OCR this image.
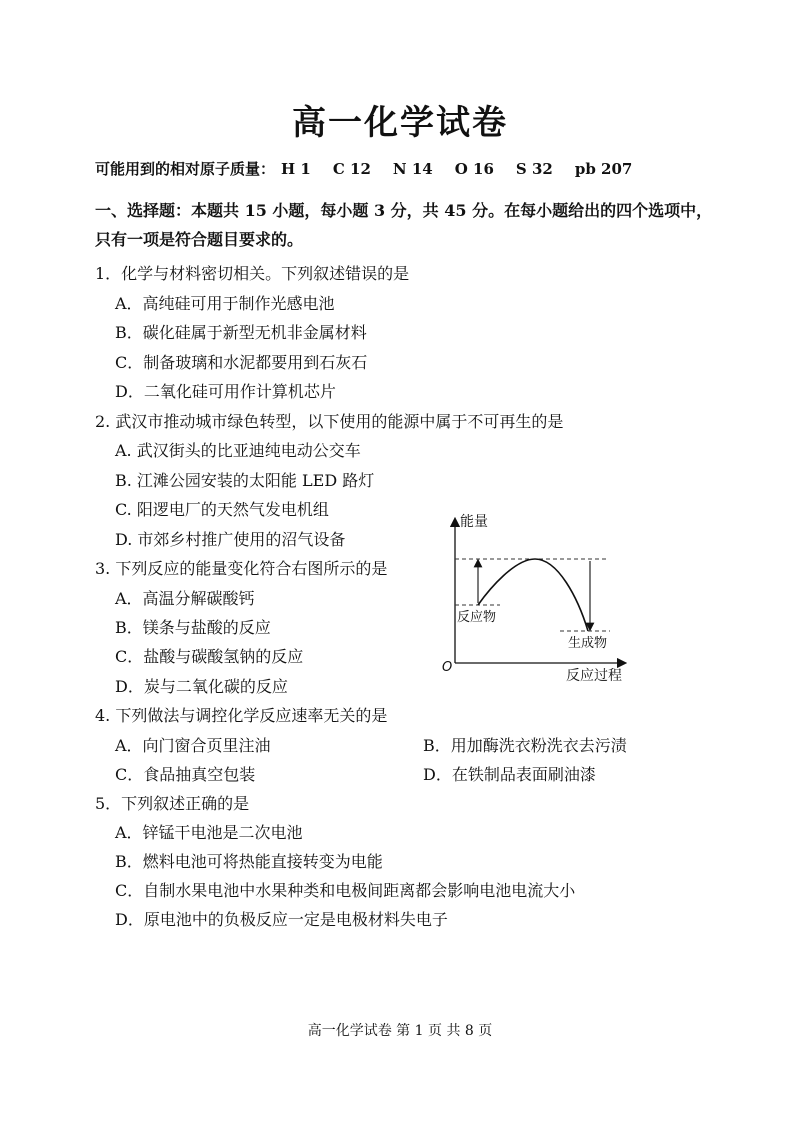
高一化学试卷
可能用到的相对原子质量： H 1 C 12 N 14 O 16 S 32 pb 207
一、选择题：本题共 15 小题，每小题 3 分，共 45 分。在每小题给出的四个选项中，只有一项是符合题目要求的。
1．化学与材料密切相关。下列叙述错误的是
A．高纯硅可用于制作光感电池
B．碳化硅属于新型无机非金属材料
C．制备玻璃和水泥都要用到石灰石
D．二氧化硅可用作计算机芯片
2. 武汉市推动城市绿色转型，以下使用的能源中属于不可再生的是
A. 武汉街头的比亚迪纯电动公交车
B. 江滩公园安装的太阳能 LED 路灯
C. 阳逻电厂的天然气发电机组
D. 市郊乡村推广使用的沼气设备
3. 下列反应的能量变化符合右图所示的是
A．高温分解碳酸钙
B．镁条与盐酸的反应
C．盐酸与碳酸氢钠的反应
D．炭与二氧化碳的反应
能量
反应过程
O
反应物
生成物
4. 下列做法与调控化学反应速率无关的是
A．向门窗合页里注油	B．用加酶洗衣粉洗衣去污渍
C．食品抽真空包装	D．在铁制品表面刷油漆
5．下列叙述正确的是
A．锌锰干电池是二次电池
B．燃料电池可将热能直接转变为电能
C．自制水果电池中水果种类和电极间距离都会影响电池电流大小
D．原电池中的负极反应一定是电极材料失电子
高一化学试卷 第 1 页 共 8 页
